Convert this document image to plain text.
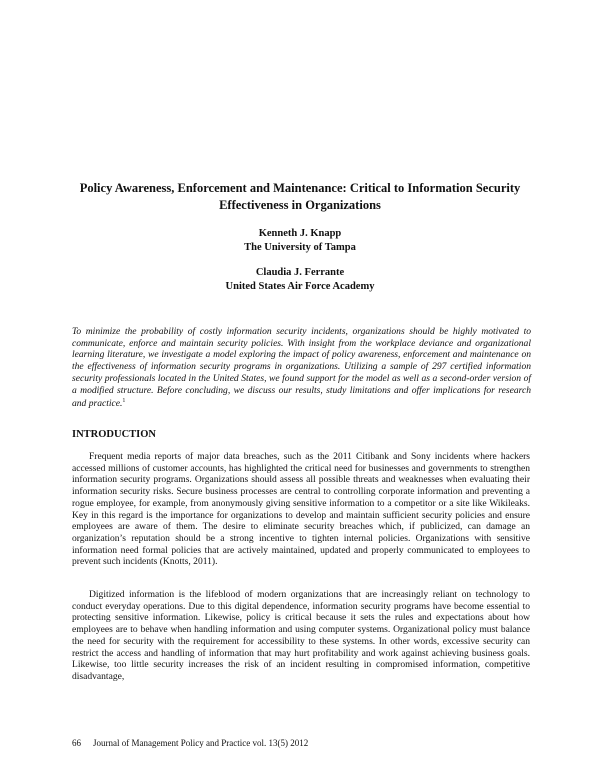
Policy Awareness, Enforcement and Maintenance: Critical to Information Security Effectiveness in Organizations
Kenneth J. Knapp
The University of Tampa
Claudia J. Ferrante
United States Air Force Academy

To minimize the probability of costly information security incidents, organizations should be highly motivated to communicate, enforce and maintain security policies. With insight from the workplace deviance and organizational learning literature, we investigate a model exploring the impact of policy awareness, enforcement and maintenance on the effectiveness of information security programs in organizations. Utilizing a sample of 297 certified information security professionals located in the United States, we found support for the model as well as a second-order version of a modified structure. Before concluding, we discuss our results, study limitations and offer implications for research and practice.$^1$

INTRODUCTION

Frequent media reports of major data breaches, such as the 2011 Citibank and Sony incidents where hackers accessed millions of customer accounts, has highlighted the critical need for businesses and governments to strengthen information security programs. Organizations should assess all possible threats and weaknesses when evaluating their information security risks. Secure business processes are central to controlling corporate information and preventing a rogue employee, for example, from anonymously giving sensitive information to a competitor or a site like Wikileaks. Key in this regard is the importance for organizations to develop and maintain sufficient security policies and ensure employees are aware of them. The desire to eliminate security breaches which, if publicized, can damage an organization’s reputation should be a strong incentive to tighten internal policies. Organizations with sensitive information need formal policies that are actively maintained, updated and properly communicated to employees to prevent such incidents (Knotts, 2011).

Digitized information is the lifeblood of modern organizations that are increasingly reliant on technology to conduct everyday operations. Due to this digital dependence, information security programs have become essential to protecting sensitive information. Likewise, policy is critical because it sets the rules and expectations about how employees are to behave when handling information and using computer systems. Organizational policy must balance the need for security with the requirement for accessibility to these systems. In other words, excessive security can restrict the access and handling of information that may hurt profitability and work against achieving business goals. Likewise, too little security increases the risk of an incident resulting in compromised information, competitive disadvantage,

66 Journal of Management Policy and Practice vol. 13(5) 2012
